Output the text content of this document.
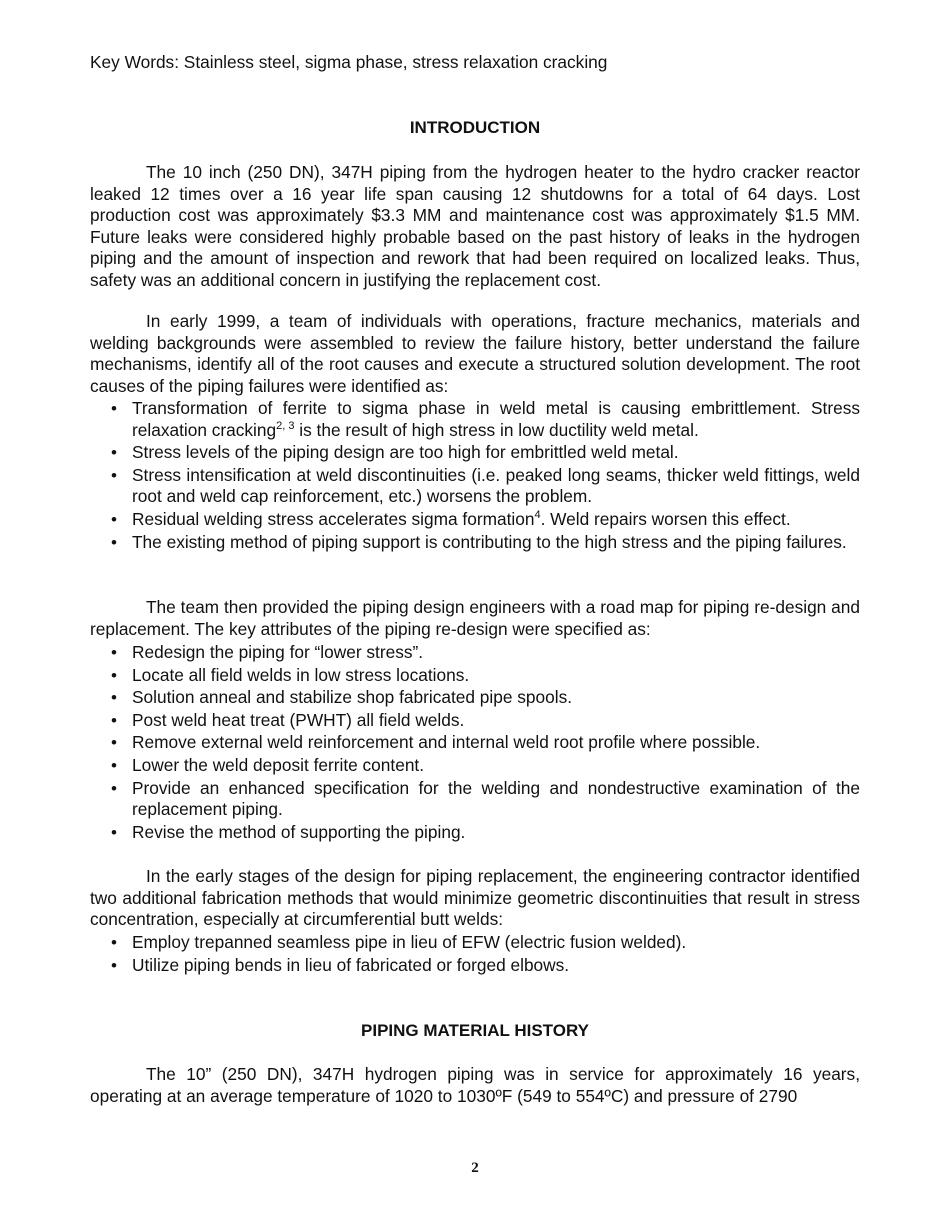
Key Words: Stainless steel, sigma phase, stress relaxation cracking
INTRODUCTION

The 10 inch (250 DN), 347H piping from the hydrogen heater to the hydro cracker reactor leaked 12 times over a 16 year life span causing 12 shutdowns for a total of 64 days. Lost production cost was approximately $3.3 MM and maintenance cost was approximately $1.5 MM. Future leaks were considered highly probable based on the past history of leaks in the hydrogen piping and the amount of inspection and rework that had been required on localized leaks. Thus, safety was an additional concern in justifying the replacement cost.

In early 1999, a team of individuals with operations, fracture mechanics, materials and welding backgrounds were assembled to review the failure history, better understand the failure mechanisms, identify all of the root causes and execute a structured solution development. The root causes of the piping failures were identified as:

• Transformation of ferrite to sigma phase in weld metal is causing embrittlement. Stress relaxation cracking$^{2, 3}$ is the result of high stress in low ductility weld metal.
• Stress levels of the piping design are too high for embrittled weld metal.
• Stress intensification at weld discontinuities (i.e. peaked long seams, thicker weld fittings, weld root and weld cap reinforcement, etc.) worsens the problem.
• Residual welding stress accelerates sigma formation$^4$. Weld repairs worsen this effect.
• The existing method of piping support is contributing to the high stress and the piping failures.

The team then provided the piping design engineers with a road map for piping re-design and replacement. The key attributes of the piping re-design were specified as:

• Redesign the piping for “lower stress”.
• Locate all field welds in low stress locations.
• Solution anneal and stabilize shop fabricated pipe spools.
• Post weld heat treat (PWHT) all field welds.
• Remove external weld reinforcement and internal weld root profile where possible.
• Lower the weld deposit ferrite content.
• Provide an enhanced specification for the welding and nondestructive examination of the replacement piping.
• Revise the method of supporting the piping.

In the early stages of the design for piping replacement, the engineering contractor identified two additional fabrication methods that would minimize geometric discontinuities that result in stress concentration, especially at circumferential butt welds:

• Employ trepanned seamless pipe in lieu of EFW (electric fusion welded).
• Utilize piping bends in lieu of fabricated or forged elbows.
PIPING MATERIAL HISTORY

The 10” (250 DN), 347H hydrogen piping was in service for approximately 16 years, operating at an average temperature of 1020 to 1030ºF (549 to 554ºC) and pressure of 2790

2
